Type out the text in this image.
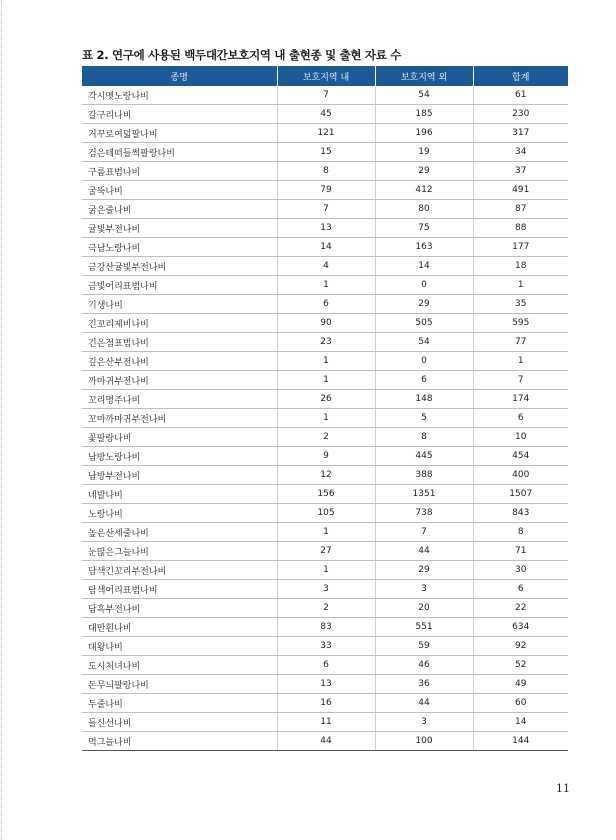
표 2. 연구에 사용된 백두대간보호지역 내 출현종 및 출현 자료 수
종명	보호지역 내	보호지역 외	합계
각시멧노랑나비	7	54	61
갈구리나비	45	185	230
거꾸로여덟팔나비	121	196	317
검은테떠들썩팔랑나비	15	19	34
구름표범나비	8	29	37
굴뚝나비	79	412	491
굵은줄나비	7	80	87
귤빛부전나비	13	75	88
극남노랑나비	14	163	177
금강산귤빛부전나비	4	14	18
금빛어리표범나비	1	0	1
기생나비	6	29	35
긴꼬리제비나비	90	505	595
긴은점표범나비	23	54	77
깊은산부전나비	1	0	1
까마귀부전나비	1	6	7
꼬리명주나비	26	148	174
꼬마까마귀부전나비	1	5	6
꽃팔랑나비	2	8	10
남방노랑나비	9	445	454
남방부전나비	12	388	400
네발나비	156	1351	1507
노랑나비	105	738	843
높은산세줄나비	1	7	8
눈많은그늘나비	27	44	71
담색긴꼬리부전나비	1	29	30
담색어리표범나비	3	3	6
담흑부전나비	2	20	22
대만흰나비	83	551	634
대왕나비	33	59	92
도시처녀나비	6	46	52
돈무늬팔랑나비	13	36	49
두줄나비	16	44	60
들신선나비	11	3	14
먹그늘나비	44	100	144
11
